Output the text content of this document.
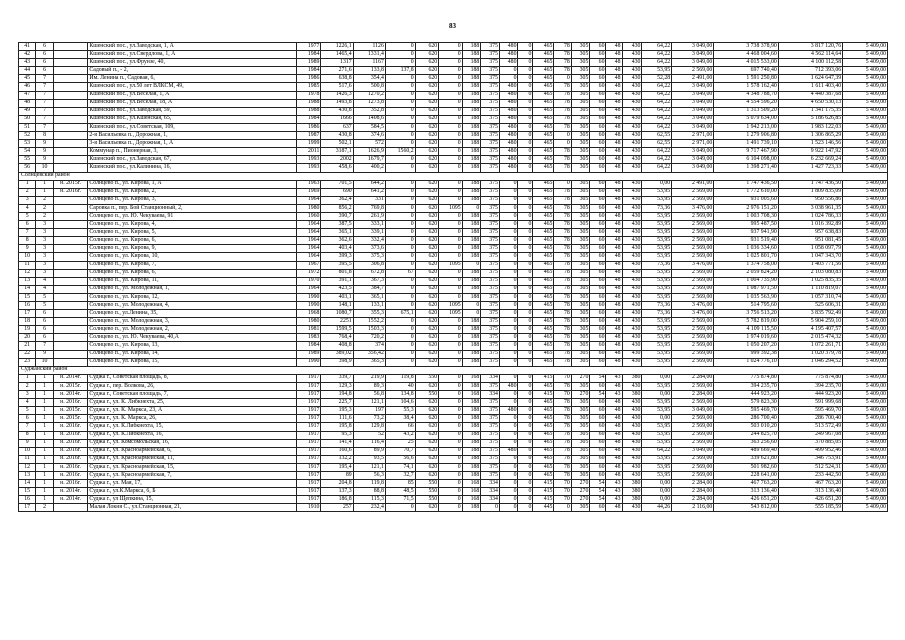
83
41	6		Кшенский пос., ул.Заводская, 1, А	1977	1226,1	1126	0	620	0	188	375	480	0	465	78	305	60	48	430	64,22	3 049,00	3 738 378,90	3 817 120,76	5 409,00
42	6		Кшенский пос., ул.Свердлова, 1, А	1984	1465,4	1331,4	0	620	0	188	375	480	0	465	78	305	60	48	430	64,22	3 049,00	4 468 004,60	4 562 114,64	5 409,00
43	6		Кшенский пос., ул.Фрунзе, 40,	1989	1317	1167	0	620	0	188	375	480	0	465	78	305	60	48	430	64,22	3 049,00	4 015 533,00	4 100 112,58	5 409,00
44	6		Садовый п., - 2,	1984	271,6	133,8	137,8	620	0	188	375	0	0	465	78	305	60	48	430	53,95	2 569,00	697 740,40	712 393,06	5 409,00
45	7		Им. Ленина п., Садовая, 6,	1986	638,8	354,4	0	620	0	188	375	0	0	465	0	305	60	48	430	52,28	2 491,00	1 591 250,80	1 624 647,39	5 409,00
46	7		Кшенский пос., ул.50 лет ВЛКСМ, 49,	1985	517,6	500,8	0	620	0	188	375	480	0	465	78	305	60	48	430	64,22	3 049,00	1 578 162,40	1 611 403,40	5 409,00
47	7		Кшенский пос., ул.Веселая, 1, А	1978	1426,3	1270,2	0	620	0	188	375	480	0	465	78	305	60	48	430	64,22	3 049,00	4 348 788,70	4 440 387,68	5 409,00
48	7		Кшенский пос., ул.Веселая, 18, А	1988	1493,8	1273,8	0	620	0	188	375	480	0	465	78	305	60	48	430	64,22	3 049,00	4 554 596,20	4 650 530,13	5 409,00
49	7		Кшенский пос., ул.Заводская, 59,	1988	430,8	352,8	0	620	0	188	375	480	0	465	78	305	60	48	430	64,22	3 049,00	1 313 509,20	1 341 175,35	5 409,00
50	7		Кшенский пос., ул.Кшенская, 65,	1984	1666	1408,6	0	620	0	188	375	480	0	465	78	305	60	48	430	64,22	3 049,00	5 079 634,00	5 186 626,85	5 409,00
51	7		Кшенский пос., ул.Советская, 109,	1986	637	584,5	0	620	0	188	375	480	0	465	78	305	60	48	430	64,22	3 049,00	1 942 213,00	1 983 122,03	5 409,00
52	8		2-я Васильевка п., Дорожная, 1,	1987	430,8	374,6	0	620	0	188	375	480	0	465	0	305	60	48	430	62,55	2 971,00	1 279 906,80	1 306 865,29	5 409,00
53	9		3-я Васильевка п., Дорожная, 1, А	1999	502,1	572	0	620	0	188	375	480	0	465	0	305	60	48	430	62,55	2 971,00	1 491 739,10	1 523 146,56	5 409,00
54	9		Коммунар п., Пионерная, 3,	2011	3187,1	1626,9	1560,2	620	0	188	375	480	0	465	78	305	60	48	430	64,22	3 049,00	9 717 467,90	9 922 147,92	5 409,00
55	9		Кшенский пос., ул.Заводская, 67,	1993	2002	1679,7	0	620	0	188	375	480	0	465	78	305	60	48	430	64,22	3 049,00	6 104 098,00	6 232 669,24	5 409,00
56	10		Кшенский пос., ул.Калинина, 16,	1993	458,6	400,2	0	620	0	188	375	480	0	465	78	305	60	48	430	64,22	3 049,00	1 398 271,40	1 427 723,33	5 409,00
Солнцевский район																								
1	1	н. 2015г.	Солнцево п., ул. Кирова, 1, А	1963	701,5	644,2	0	620	0	188	375	0	0	465	0	305	60	48	430	0,00	2 491,00	1 747 436,50	1 747 436,50	5 409,00
2	1	н. 2016г.	Солнцево п., ул. Кирова, 2,	1969	690	641,2	0	620	0	188	375	0	0	465	78	305	60	48	430	53,95	2 569,00	1 772 610,00	1 809 835,09	5 409,00
3	2		Солнцево п., ул. Кирова, 3,	1964	362,4	331	0	620	0	188	375	0	0	465	78	305	60	48	430	53,95	2 569,00	931 005,60	950 556,86	5 409,00
4	2		Саровка п., пер. Бой Станционный, 2,	1980	856,2	769,8	0	620	1095	0	375	0	0	465	78	305	60	48	430	73,36	3 476,00	2 976 151,20	3 038 961,35	5 409,00
5	2		Солнцево п., ул. Ю. Чекуваева, 91	1960	390,7	261,9	0	620	0	188	375	0	0	465	78	305	60	48	430	53,95	2 569,00	1 003 708,30	1 024 786,33	5 409,00
6	3		Солнцево п., ул. Кирова, 4,	1964	387,5	333,1	0	620	0	188	375	0	0	465	78	305	60	48	430	53,95	2 569,00	995 487,50	1 016 392,89	5 409,00
7	3		Солнцево п., ул. Кирова, 5,	1964	365,1	339,1	0	620	0	188	375	0	0	465	78	305	60	48	430	53,95	2 569,00	937 941,90	957 638,83	5 409,00
8	3		Солнцево п., ул. Кирова, 6,	1964	362,6	332,4	0	620	0	188	375	0	0	465	78	305	60	48	430	53,95	2 569,00	931 519,40	951 081,45	5 409,00
9	3		Солнцево п., ул. Кирова, 9,	1964	403,4	373,6	0	620	0	188	375	0	0	465	78	305	60	48	430	53,95	2 569,00	1 036 334,60	1 058 097,79	5 409,00
10	3		Солнцево п., ул. Кирова, 10,	1964	399,3	375,3	0	620	0	188	375	0	0	465	78	305	60	48	430	53,95	2 569,00	1 025 801,70	1 047 343,70	5 409,00
11	3		Солнцево п., ул. Кирова, 7,	1967	395,5	306,8	0	620	1095	0	375	0	0	465	78	305	60	48	430	73,36	3 476,00	1 374 758,00	1 403 771,56	5 409,00
12	3		Солнцево п., ул. Кирова, 6,	1972	801,8	672,8	67	620	0	188	375	0	0	465	78	305	60	48	430	53,95	2 569,00	2 059 824,20	2 103 080,83	5 409,00
13	4		Солнцево п., ул. Кирова, 11,	1970	391,1	367,3	0	620	0	188	375	0	0	465	78	305	60	48	430	53,95	2 569,00	1 004 735,90	1 025 835,35	5 409,00
14	4		Солнцево п., ул. Молодежная, 1,	1964	423,5	384,7	0	620	0	188	375	0	0	465	78	305	60	48	430	53,95	2 569,00	1 087 971,50	1 110 819,07	5 409,00
15	5		Солнцево п., ул. Кирова, 12,	1990	403,1	365,1	0	620	0	188	375	0	0	465	78	305	60	48	430	53,95	2 569,00	1 035 563,90	1 057 310,74	5 409,00
16	5		Солнцево п., ул. Молодежная, 4,	1990	148,1	133,1	0	620	1095	0	375	0	0	465	78	305	60	48	430	73,36	3 476,00	514 795,60	525 606,31	5 409,00
17	6		Солнцево п., ул.Ленина, 35,	1968	1080,7	355,3	675,1	620	1095	0	375	0	0	465	78	305	60	48	430	73,36	3 476,00	3 756 513,20	3 835 792,49	5 409,00
18	6		Солнцево п., ул. Молодежная, 3,	1980	2251	1552,2	0	620	0	188	375	0	0	465	78	305	60	48	430	53,95	2 569,00	5 782 819,00	5 904 259,10	5 409,00
19	6		Солнцево п., ул. Молодежная, 2,	1981	1599,5	1503,3	0	620	0	188	375	0	0	465	78	305	60	48	430	53,95	2 569,00	4 109 115,50	4 195 407,57	5 409,00
20	6		Солнцево п., ул. Ю. Чекуваева, 40,А	1983	768,4	720,2	0	620	0	188	375	0	0	465	78	305	60	48	430	53,95	2 569,00	1 974 019,60	2 015 474,32	5 409,00
21	7		Солнцево п., ул. Кирова, 13,	1984	408,8	374	0	620	0	188	375	0	0	465	78	305	60	48	430	53,95	2 569,00	1 050 207,20	1 072 261,71	5 409,00
22	9		Солнцево п., ул. Кирова, 14,	1989	389,02	356,42	0	620	0	188	375	0	0	465	78	305	60	48	430	53,95	2 569,00	999 392,38	1 020 379,78	5 409,00
23	10		Солнцево п., ул. Кирова, 15,	1990	398,9	365,3	0	620	0	188	375	0	0	465	78	305	60	48	430	53,95	2 569,00	1 024 776,10	1 046 294,52	5 409,00
Суджанский район																								
1	1	н. 2014г.	Суджа г., Советская площадь, 8,	1917	339,7	219,9	119,8	550	0	168	334	0	0	415	70	270	54	43	380	0,00	2 284,00	775 874,80	775 874,80	5 409,00
2	1	н. 2015г.	Суджа г., пер. Волкова, 26,	1917	129,3	89,3	40	620	0	188	375	480	0	465	78	305	60	48	430	53,95	2 569,00	394 235,70	394 235,70	5 409,00
3	1	н. 2014г.	Суджа г., Советская площадь, 7,	1917	194,8	56,8	134,8	550	0	168	334	0	0	415	70	270	54	43	380	0,00	2 284,00	444 923,20	444 923,20	5 409,00
4	1	н. 2016г.	Суджа г., ул. К. Либкнехта, 25,	1917	225,7	121,1	104,6	620	0	188	375	0	0	465	78	305	60	48	430	53,95	2 569,00	579 823,30	591 999,68	5 409,00
5	1	н. 2015г.	Суджа г., ул. К. Маркса, 23, А	1917	195,3	197	55,3	620	0	188	375	480	0	465	78	305	60	48	430	53,95	3 049,00	595 469,70	595 469,70	5 409,00
6	1	н. 2015г.	Суджа г., ул. К. Маркса, 26,	1917	111,6	73,2	38,4	620	0	188	375	0	0	465	78	305	60	48	430	0,00	2 569,00	286 700,40	286 700,40	5 409,00
7	1	н. 2016г.	Суджа г., ул. К.Либкнехта, 15,	1917	195,8	129,8	66	620	0	188	375	0	0	465	78	305	60	48	430	53,95	2 569,00	503 010,20	513 572,49	5 409,00
8	1	н. 2016г.	Суджа г., ул. К.Либкнехта, 16,	1917	95,3	52	43,2	620	0	188	375	0	0	465	78	305	60	48	430	53,95	2 569,00	244 825,70	249 967,08	5 409,00
9	1	н. 2016г.	Суджа г., ул. Комсомольская, 16,	1917	141,4	116,4	25	620	0	188	375	0	0	465	78	305	60	48	430	53,95	2 569,00	363 256,60	370 885,05	5 409,00
10	1	н. 2016г.	Суджа г., ул. Красноармейская, 6,	1917	160,6	89,9	70,7	620	0	188	375	480	0	465	78	305	60	48	430	64,22	3 049,00	489 669,40	499 952,46	5 409,00
11	1	н. 2016г.	Суджа г., ул. Красноармейская, 11,	1917	132,2	93,5	56,6	620	0	188	375	0	0	465	78	305	60	48	430	53,95	2 569,00	339 621,80	346 753,91	5 409,00
12	1	н. 2016г.	Суджа г., ул. Красноармейская, 15,	1917	195,4	121,1	74,1	620	0	188	375	0	0	465	78	305	60	48	430	53,95	2 569,00	501 982,60	512 524,31	5 409,00
13	1	н. 2016г.	Суджа г., ул. Красноармейская, 7,	1917	89	56,3	32,7	620	0	188	375	0	0	465	78	305	60	48	430	53,95	2 569,00	228 641,00	233 442,50	5 409,00
14	1	н. 2016г.	Суджа г., ул. Мая, 17,	1917	204,8	119,8	85	550	0	168	334	0	0	415	70	270	54	43	380	0,00	2 284,00	467 763,20	467 763,20	5 409,00
15	1	н. 2014г.	Суджа г., ул.К.Маркса, 6, Б	1917	137,3	88,8	48,5	550	0	168	334	0	0	415	70	270	54	43	380	0,00	2 284,00	313 136,40	313 136,40	5 409,00
16	1	н. 2014г.	Суджа г., ул Щепкина, 15,	1917	186,8	115,3	71,5	550	0	168	334	0	0	415	70	270	54	43	380	0,00	2 284,00	426 651,20	426 651,20	5 409,00
17	2		Малая Локня С., ул.Станционная, 21,	1910	257	232,4	0	620	0	188	0	0	0	445	0	305	60	48	430	44,26	2 116,00	543 812,00	555 185,59	5 409,00
